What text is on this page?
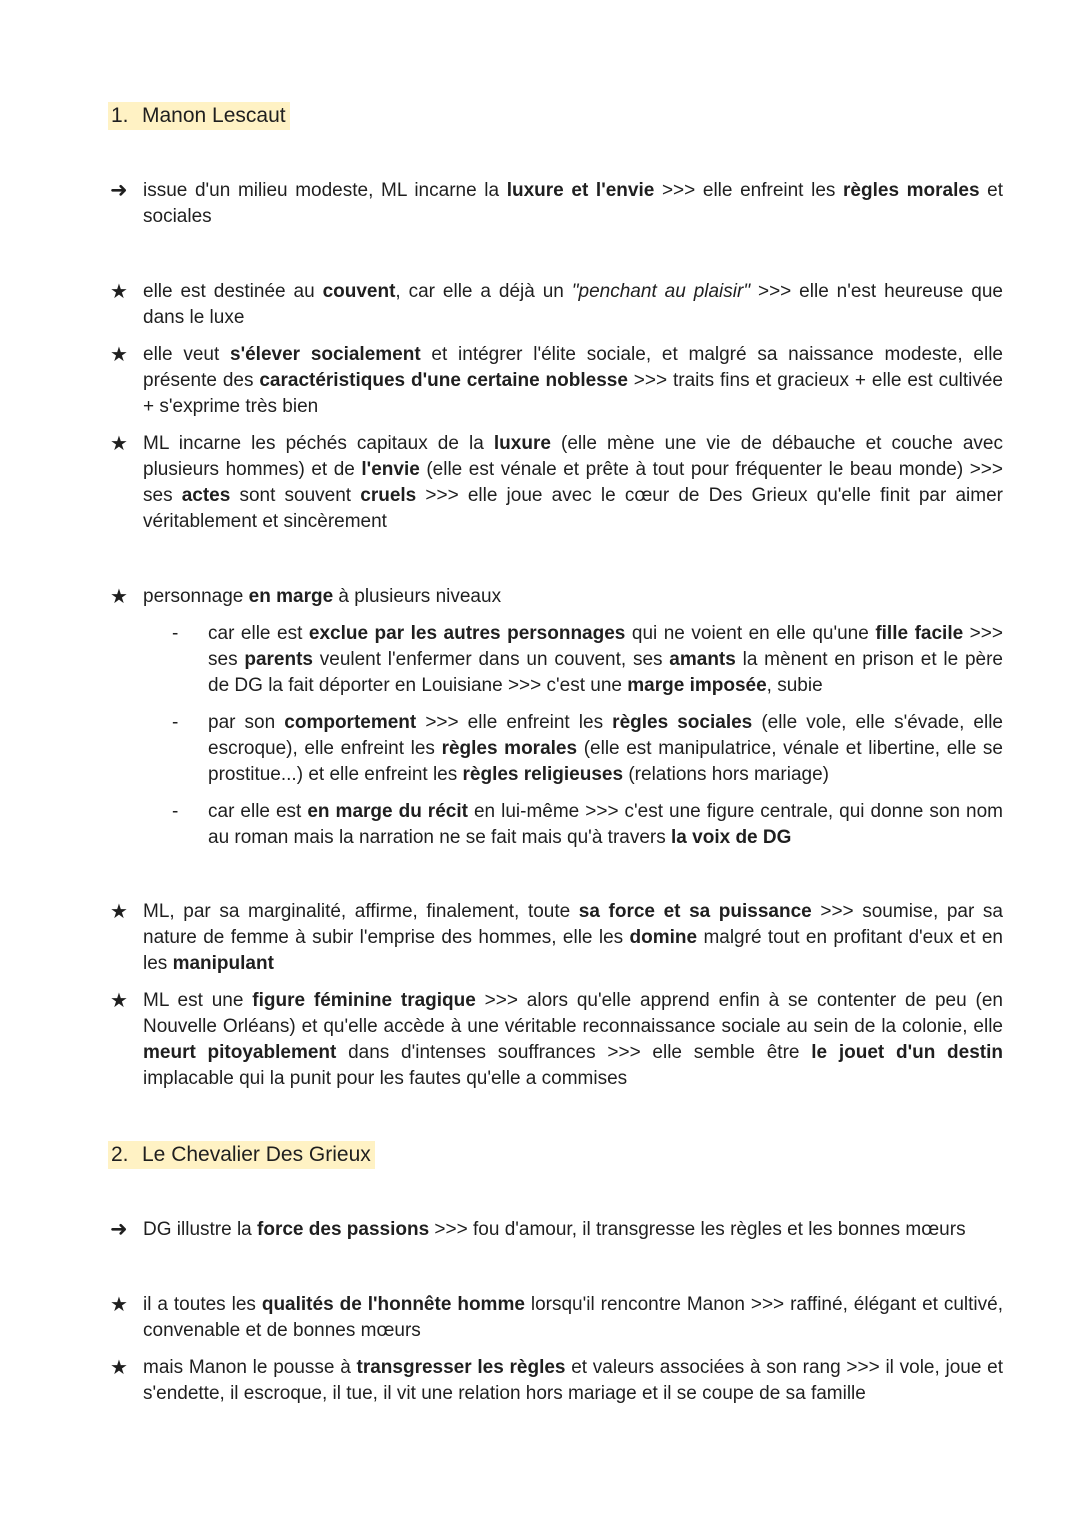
1. Manon Lescaut
➜ issue d'un milieu modeste, ML incarne la luxure et l'envie >>> elle enfreint les règles morales et sociales
★ elle est destinée au couvent, car elle a déjà un "penchant au plaisir" >>> elle n'est heureuse que dans le luxe
★ elle veut s'élever socialement et intégrer l'élite sociale, et malgré sa naissance modeste, elle présente des caractéristiques d'une certaine noblesse >>> traits fins et gracieux + elle est cultivée + s'exprime très bien
★ ML incarne les péchés capitaux de la luxure (elle mène une vie de débauche et couche avec plusieurs hommes) et de l'envie (elle est vénale et prête à tout pour fréquenter le beau monde) >>> ses actes sont souvent cruels >>> elle joue avec le cœur de Des Grieux qu'elle finit par aimer véritablement et sincèrement
★ personnage en marge à plusieurs niveaux
-	car elle est exclue par les autres personnages qui ne voient en elle qu'une fille facile >>> ses parents veulent l'enfermer dans un couvent, ses amants la mènent en prison et le père de DG la fait déporter en Louisiane >>> c'est une marge imposée, subie
-	par son comportement >>> elle enfreint les règles sociales (elle vole, elle s'évade, elle escroque), elle enfreint les règles morales (elle est manipulatrice, vénale et libertine, elle se prostitue...) et elle enfreint les règles religieuses (relations hors mariage)
-	car elle est en marge du récit en lui-même >>> c'est une figure centrale, qui donne son nom au roman mais la narration ne se fait mais qu'à travers la voix de DG
★ ML, par sa marginalité, affirme, finalement, toute sa force et sa puissance >>> soumise, par sa nature de femme à subir l'emprise des hommes, elle les domine malgré tout en profitant d'eux et en les manipulant
★ ML est une figure féminine tragique >>> alors qu'elle apprend enfin à se contenter de peu (en Nouvelle Orléans) et qu'elle accède à une véritable reconnaissance sociale au sein de la colonie, elle meurt pitoyablement dans d'intenses souffrances >>> elle semble être le jouet d'un destin implacable qui la punit pour les fautes qu'elle a commises
2. Le Chevalier Des Grieux
➜ DG illustre la force des passions >>> fou d'amour, il transgresse les règles et les bonnes mœurs
★ il a toutes les qualités de l'honnête homme lorsqu'il rencontre Manon >>> raffiné, élégant et cultivé, convenable et de bonnes mœurs
★ mais Manon le pousse à transgresser les règles et valeurs associées à son rang >>> il vole, joue et s'endette, il escroque, il tue, il vit une relation hors mariage et il se coupe de sa famille
